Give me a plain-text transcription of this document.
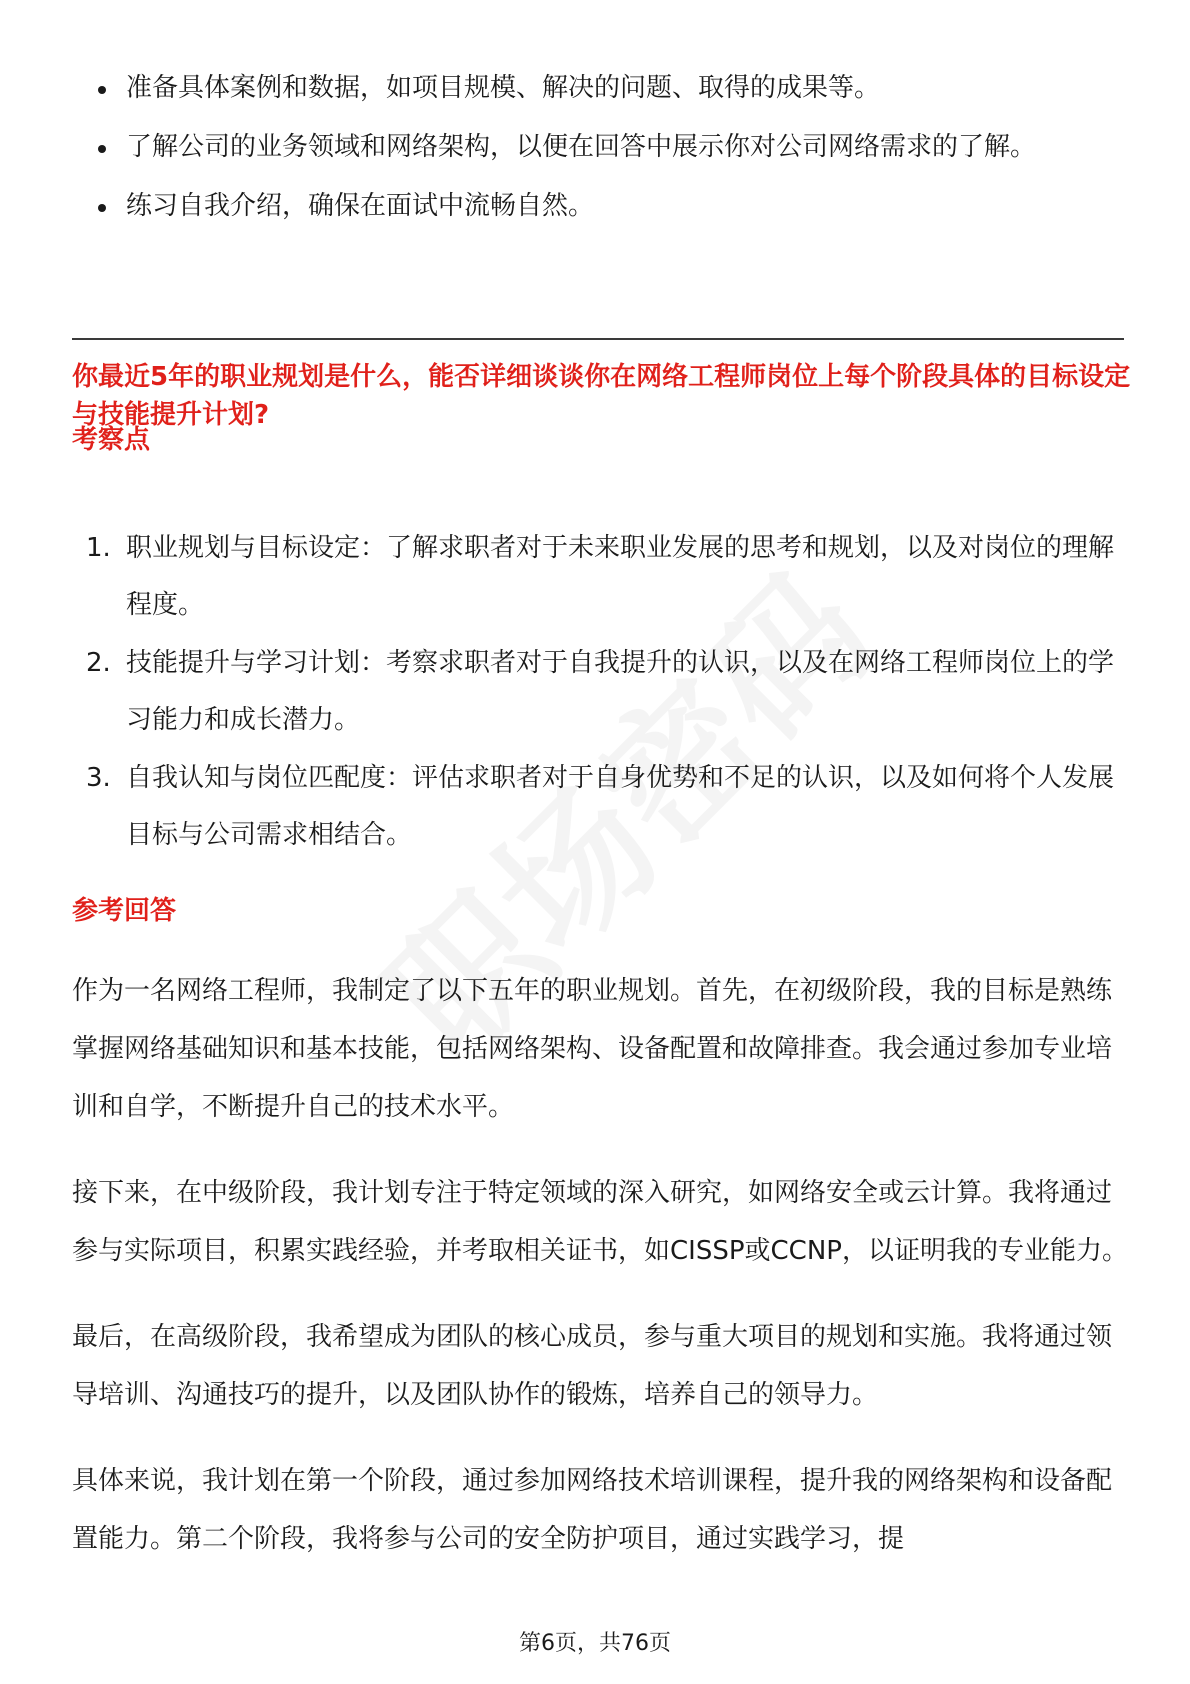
准备具体案例和数据，如项目规模、解决的问题、取得的成果等。
了解公司的业务领域和网络架构，以便在回答中展示你对公司网络需求的了解。
练习自我介绍，确保在面试中流畅自然。
你最近5年的职业规划是什么，能否详细谈谈你在网络工程师岗位上每个阶段具体的目标设定与技能提升计划?
考察点
1. 职业规划与目标设定：了解求职者对于未来职业发展的思考和规划，以及对岗位的理解程度。
2. 技能提升与学习计划：考察求职者对于自我提升的认识，以及在网络工程师岗位上的学习能力和成长潜力。
3. 自我认知与岗位匹配度：评估求职者对于自身优势和不足的认识，以及如何将个人发展目标与公司需求相结合。
参考回答

作为一名网络工程师，我制定了以下五年的职业规划。首先，在初级阶段，我的目标是熟练掌握网络基础知识和基本技能，包括网络架构、设备配置和故障排查。我会通过参加专业培训和自学，不断提升自己的技术水平。

接下来，在中级阶段，我计划专注于特定领域的深入研究，如网络安全或云计算。我将通过参与实际项目，积累实践经验，并考取相关证书，如CISSP或CCNP，以证明我的专业能力。

最后，在高级阶段，我希望成为团队的核心成员，参与重大项目的规划和实施。我将通过领导培训、沟通技巧的提升，以及团队协作的锻炼，培养自己的领导力。

具体来说，我计划在第一个阶段，通过参加网络技术培训课程，提升我的网络架构和设备配置能力。第二个阶段，我将参与公司的安全防护项目，通过实践学习，提

第6页，共76页
